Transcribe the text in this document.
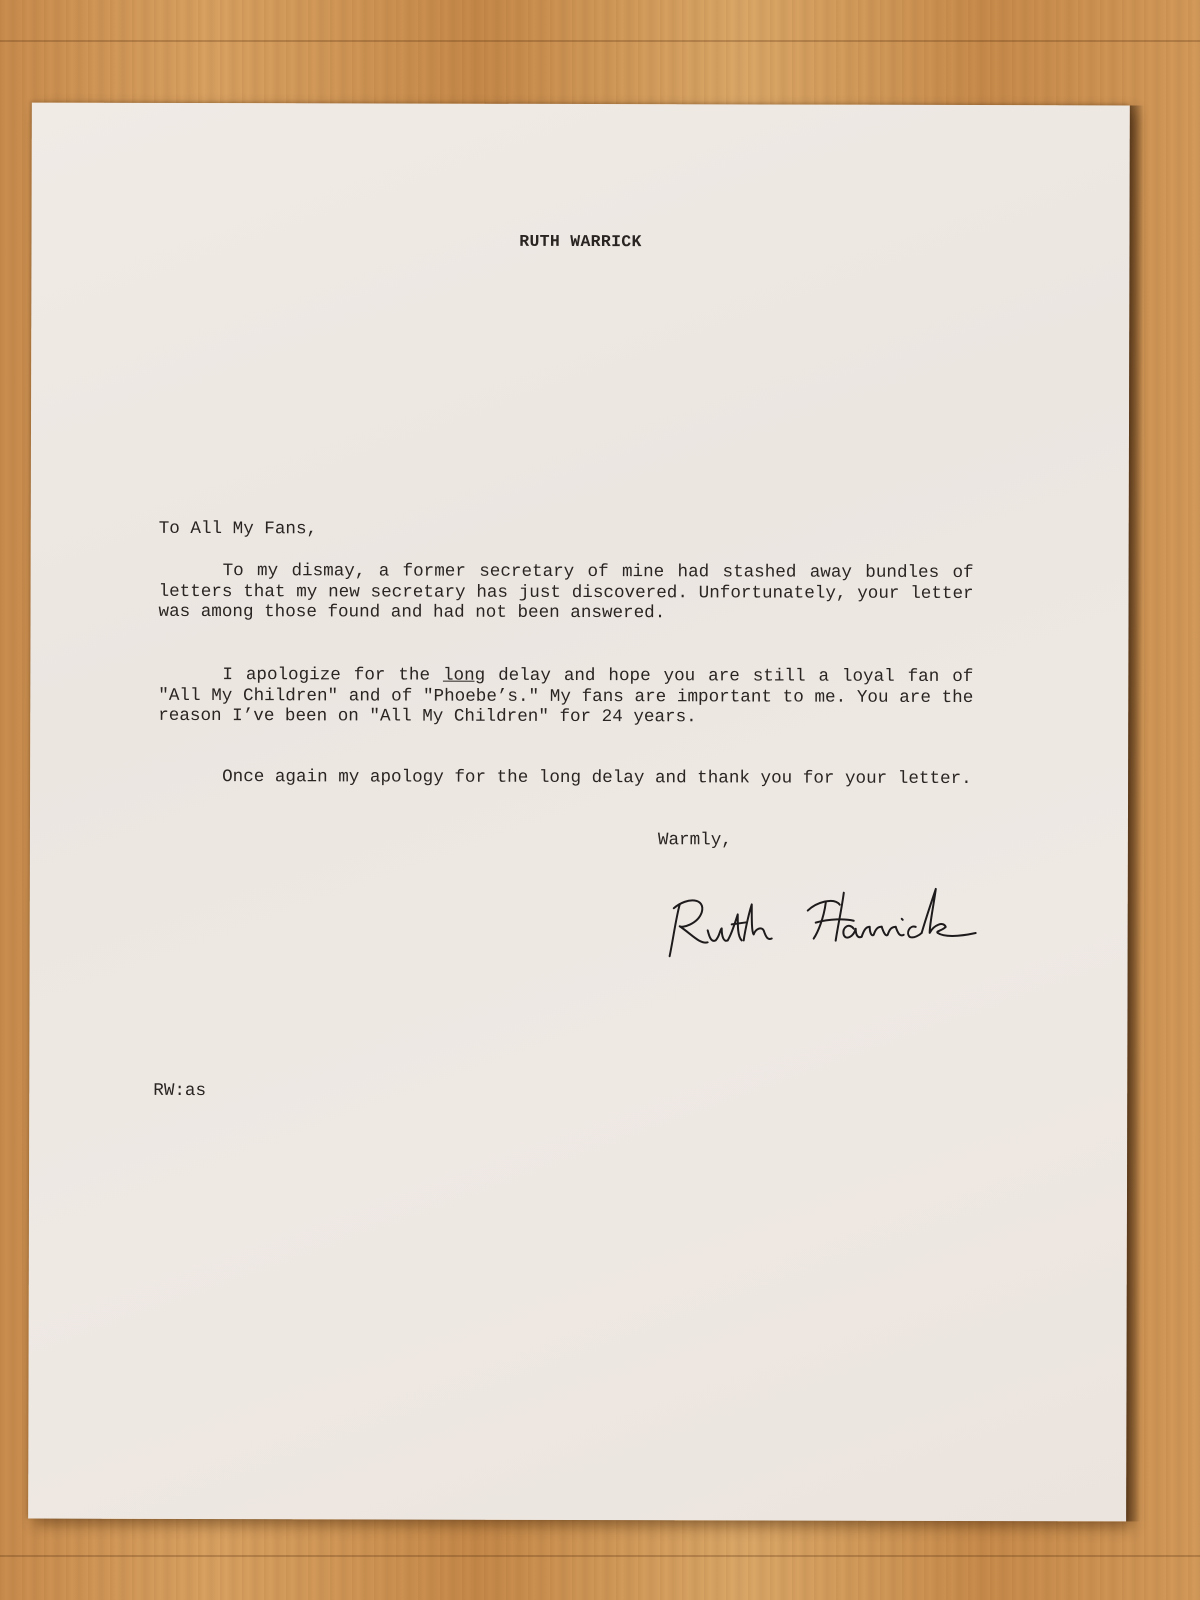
RUTH WARRICK

To All My Fans,

To my dismay, a former secretary of mine had stashed away bundles of letters that my new secretary has just discovered. Unfortunately, your letter was among those found and had not been answered.

I apologize for the long delay and hope you are still a loyal fan of "All My Children" and of "Phoebe’s." My fans are important to me. You are the reason I’ve been on "All My Children" for 24 years.

Once again my apology for the long delay and thank you for your letter.

Warmly,

RW:as
